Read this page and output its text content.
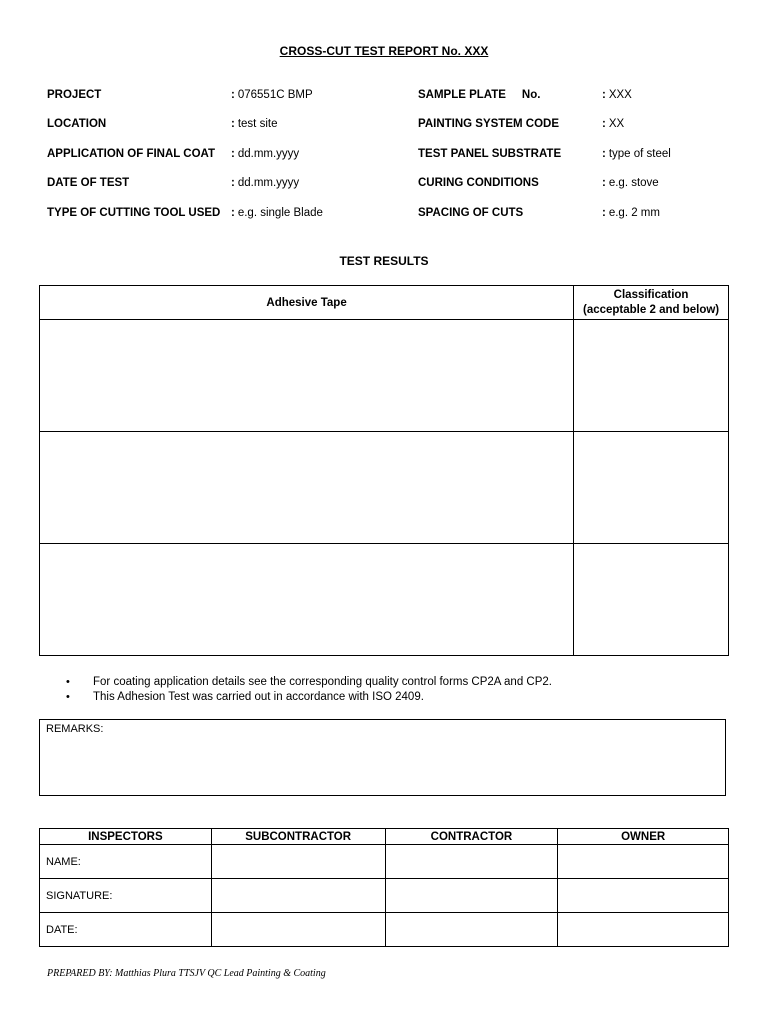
CROSS-CUT TEST REPORT No. XXX
PROJECT	: 076551C BMP
LOCATION	: test site
APPLICATION OF FINAL COAT : dd.mm.yyyy
DATE OF TEST	: dd.mm.yyyy
TYPE OF CUTTING TOOL USED : e.g. single Blade
SAMPLE PLATE     No.	: XXX
PAINTING SYSTEM CODE	: XX
TEST PANEL SUBSTRATE	: type of steel
CURING CONDITIONS	: e.g. stove
SPACING OF CUTS	: e.g. 2 mm
TEST RESULTS
Adhesive Tape	Classification
(acceptable 2 and below)

• For coating application details see the corresponding quality control forms CP2A and CP2.
• This Adhesion Test was carried out in accordance with ISO 2409.
REMARKS:
INSPECTORS	SUBCONTRACTOR	CONTRACTOR	OWNER
NAME:			
SIGNATURE:			
DATE:			
PREPARED BY: Matthias Plura TTSJV QC Lead Painting & Coating
